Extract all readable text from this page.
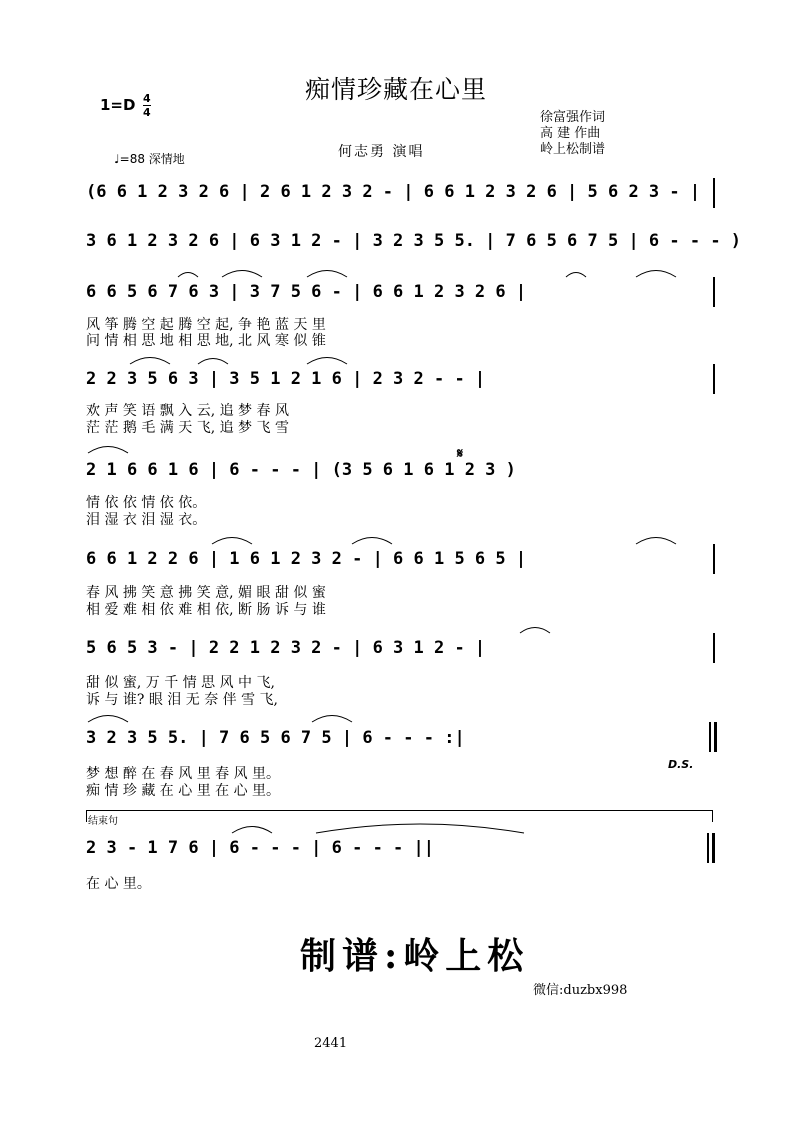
痴情珍藏在心里
$1=D \frac{4}{4}$
♩=88 深情地	何志勇 演唱
徐富强作词
高 建 作曲
岭上松制谱
(6 6 1 2 3 2 6 | 2 6 1 2 3 2 - | 6 6 1 2 3 2 6 | 5 6 2 3 - |
3 6 1 2 3 2 6 | 6 3 1 2 - | 3 2 3 5 5. | 7 6 5 6 7 5 | 6 - - - )
6 6 5 6 7 6 3 | 3 7 5 6 - | 6 6 1 2 3 2 6 |
风 筝 腾 空 起 腾 空 起, 争 艳 蓝 天 里
问 情 相 思 地 相 思 地, 北 风 寒 似 锥
2 2 3 5 6 3 | 3 5 1 2 1 6 | 2 3 2 - - |
欢 声 笑 语 飘 入 云, 追 梦 春 风
茫 茫 鹅 毛 满 天 飞, 追 梦 飞 雪
𝄋
2 1 6 6 1 6 | 6 - - - | (3 5 6 1 6 1 2 3 )
情 依 依 情 依 依。
泪 湿 衣 泪 湿 衣。
6 6 1 2 2 6 | 1 6 1 2 3 2 - | 6 6 1 5 6 5 |
春 风 拂 笑 意 拂 笑 意, 媚 眼 甜 似 蜜
相 爱 难 相 依 难 相 依, 断 肠 诉 与 谁
5 6 5 3 - | 2 2 1 2 3 2 - | 6 3 1 2 - |
甜 似 蜜, 万 千 情 思 风 中 飞,
诉 与 谁? 眼 泪 无 奈 伴 雪 飞,
3 2 3 5 5. | 7 6 5 6 7 5 | 6 - - - :|
D.S.
梦 想 醉 在 春 风 里 春 风 里。
痴 情 珍 藏 在 心 里 在 心 里。
结束句
2 3 - 1 7 6 | 6 - - - | 6 - - - ||
在 心 里。
制谱:岭上松
微信:duzbx998
2441
